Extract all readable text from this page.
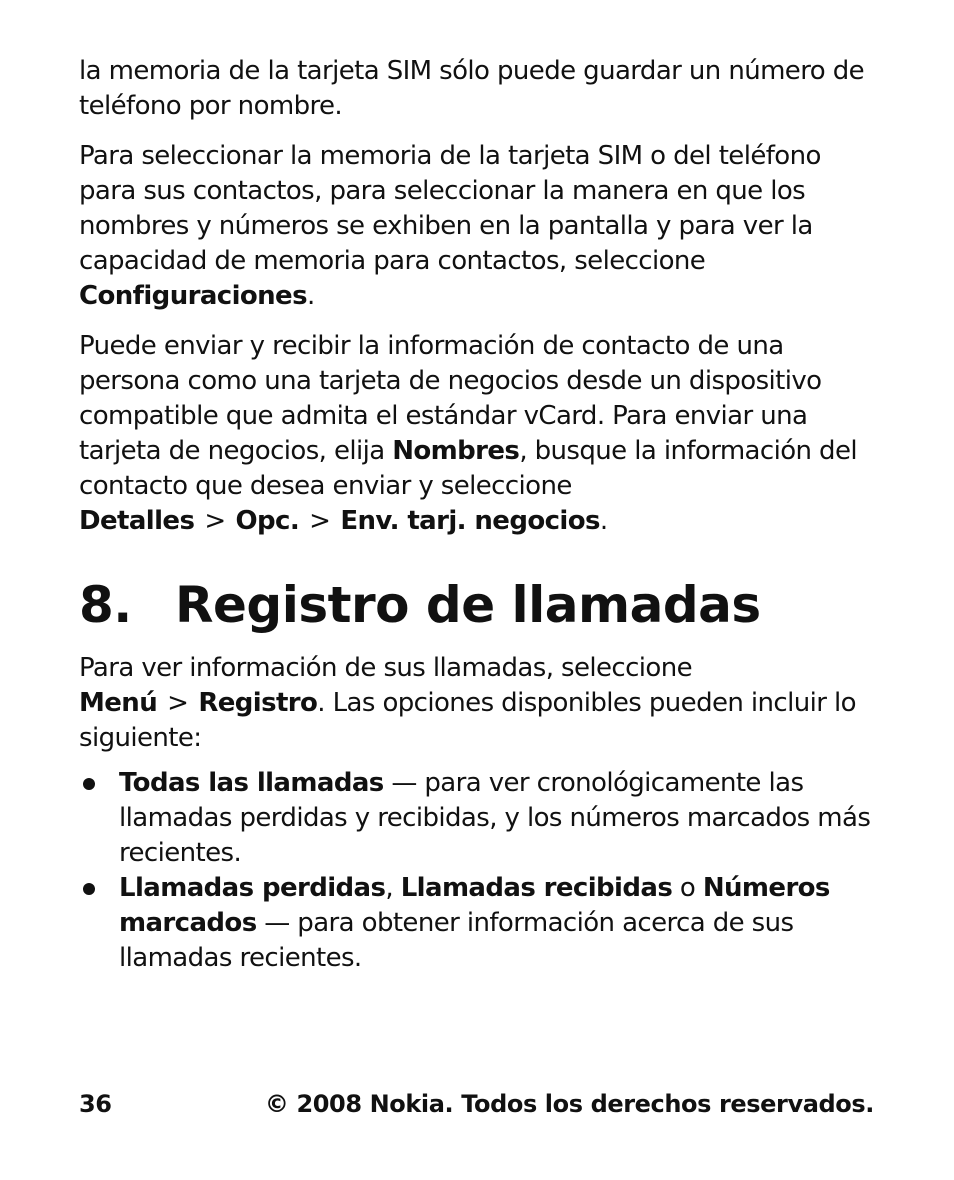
la memoria de la tarjeta SIM sólo puede guardar un número de teléfono por nombre.

Para seleccionar la memoria de la tarjeta SIM o del teléfono para sus contactos, para seleccionar la manera en que los nombres y números se exhiben en la pantalla y para ver la capacidad de memoria para contactos, seleccione Configuraciones.

Puede enviar y recibir la información de contacto de una persona como una tarjeta de negocios desde un dispositivo compatible que admita el estándar vCard. Para enviar una tarjeta de negocios, elija Nombres, busque la información del contacto que desea enviar y seleccione Detalles > Opc. > Env. tarj. negocios.

8. Registro de llamadas

Para ver información de sus llamadas, seleccione Menú > Registro. Las opciones disponibles pueden incluir lo siguiente:

Todas las llamadas — para ver cronológicamente las llamadas perdidas y recibidas, y los números marcados más recientes.
Llamadas perdidas, Llamadas recibidas o Números marcados — para obtener información acerca de sus llamadas recientes.
36	© 2008 Nokia. Todos los derechos reservados.
